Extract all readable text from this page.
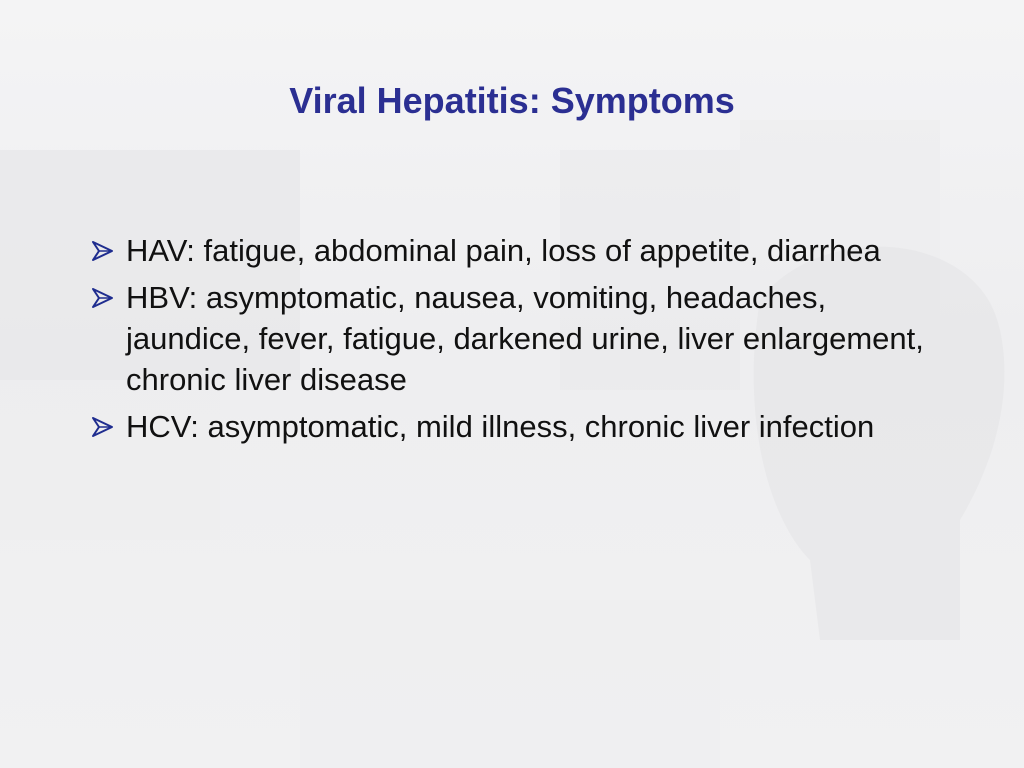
Viral Hepatitis: Symptoms
HAV: fatigue, abdominal pain, loss of appetite, diarrhea
HBV: asymptomatic, nausea, vomiting, headaches, jaundice, fever, fatigue, darkened urine, liver enlargement, chronic liver disease
HCV: asymptomatic, mild illness, chronic liver infection
